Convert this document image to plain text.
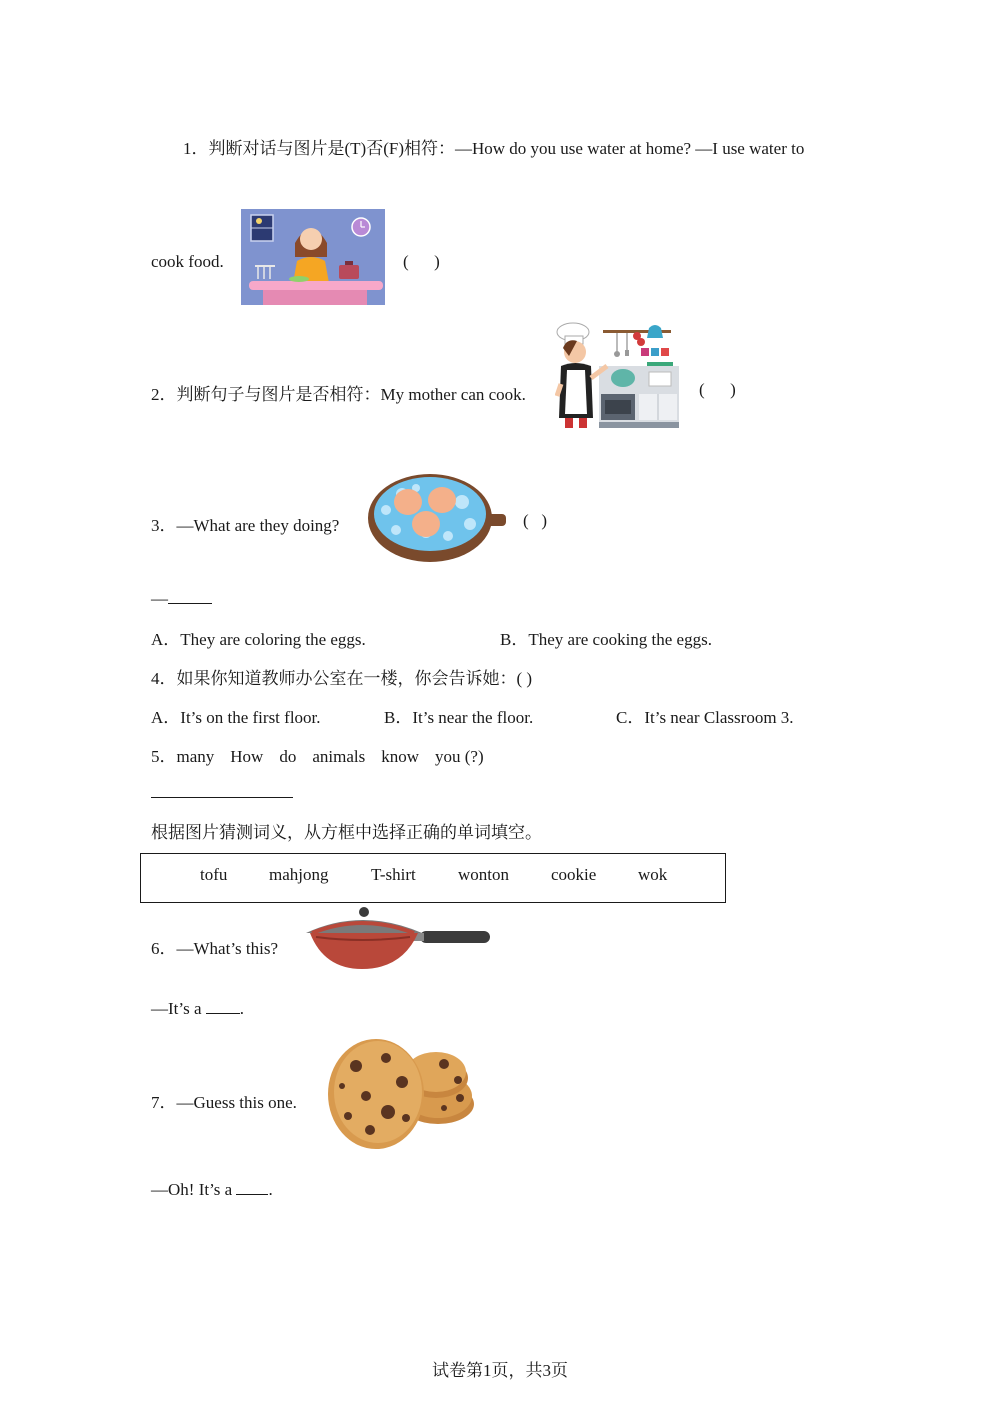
1．判断对话与图片是(T)否(F)相符：—How do you use water at home? —I use water to
cook food.	(      )
2．判断句子与图片是否相符：My mother can cook.	(      )
3．—What are they doing?	(   )
—
A．They are coloring the eggs.	B．They are cooking the eggs.
4．如果你知道教师办公室在一楼，你会告诉她：( )
A．It’s on the first floor.	B．It’s near the floor.	C．It’s near Classroom 3.
5．many How do animals know you (?)
根据图片猜测词义，从方框中选择正确的单词填空。
tofu mahjong	T-shirt wonton cookie wok
6．—What’s this?
—It’s a .
7．—Guess this one.
—Oh! It’s a .
试卷第1页，共3页
